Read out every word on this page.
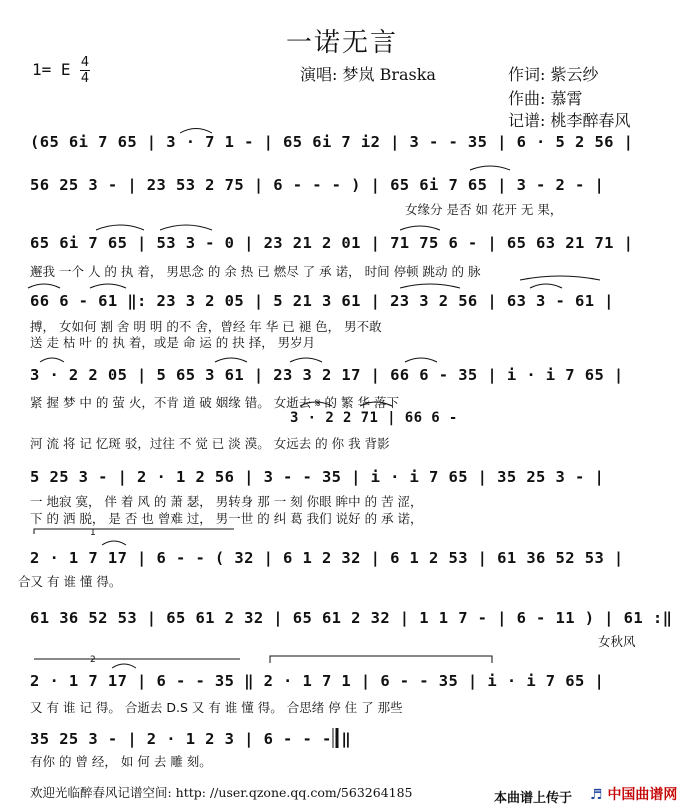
一诺无言
1= E 4
4	演唱: 梦岚 Braska	作词: 紫云纱
作曲: 慕霄
记谱: 桃李醉春风
(65 6i 7 65 | 3 · 7 1 - | 65 6i 7 i2 | 3 - - 35 | 6 · 5 2 56 |
56 25 3 - | 23 53 2 75 | 6 - - - ) | 65 6i 7 65 | 3 - 2 - |
女缘分 是否 如 花开 无 果，
65 6i 7 65 | 53 3 - 0 | 23 21 2 01 | 71 75 6 - | 65 63 21 71 |
邂我 一个 人 的 执 着， 男思念 的 余 热 已 燃尽 了 承 诺， 时间 停顿 跳动 的 脉
66 6 - 61 ‖: 23 3 2 05 | 5 21 3 61 | 23 3 2 56 | 63 3 - 61 |
搏， 女如何 割 舍 明 明 的不 舍，曾经 年 华 已 褪 色， 男不敢
送 走 枯 叶 的 执 着，或是 命 运 的 抉 择， 男岁月
3 · 2 2 05 | 5 65 3 61 | 23 3 2 17 | 66 6 - 35 | i · i 7 65 |
紧 握 梦 中 的 萤 火，不肯 道 破 姻缘 错。 女逝去 𝄋 的 繁 华 落下
3 · 2 2 71 | 66 6 -
河 流 将 记 忆斑 驳，过往 不 觉 已 淡 漠。 女远去 的 你 我 背影
5 25 3 - | 2 · 1 2 56 | 3 - - 35 | i · i 7 65 | 35 25 3 - |
一 地寂 寞， 伴 着 风 的 萧 瑟， 男转身 那 一 刻 你眼 眸中 的 苦 涩，
下 的 洒 脱， 是 否 也 曾难 过， 男一世 的 纠 葛 我们 说好 的 承 诺，
2 · 1 7 17 | 6 - - ( 32 | 6 1 2 32 | 6 1 2 53 | 61 36 52 53 |
合又 有 谁 懂 得。
61 36 52 53 | 65 61 2 32 | 65 61 2 32 | 1 1 7 - | 6 - 11 ) | 61 :‖
女秋风
2 · 1 7 17 | 6 - - 35 ‖ 2 · 1 7 1 | 6 - - 35 | i · i 7 65 |
又 有 谁 记 得。 合逝去 D.S 又 有 谁 懂 得。 合思绪 停 住 了 那些
35 25 3 - | 2 · 1 2 3 | 6 - - - ‖
有你 的 曾 经， 如 何 去 雕 刻。
1
2
欢迎光临醉春风记谱空间: http: //user.qzone.qq.com/563264185	本曲谱上传于 ♬ 中国曲谱网
